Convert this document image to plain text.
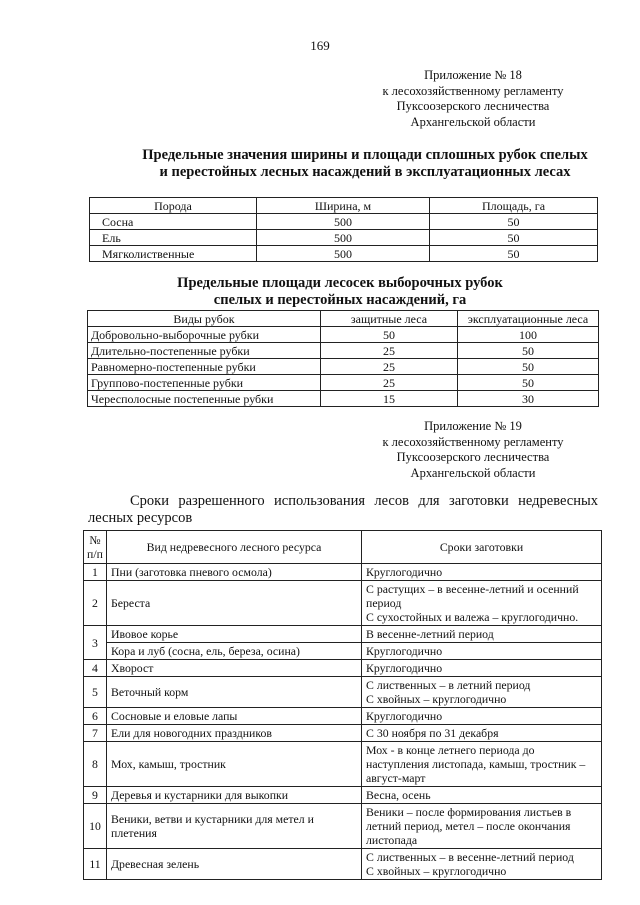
169
Приложение № 18
к лесохозяйственному регламенту
Пуксоозерского лесничества
Архангельской области
Предельные значения ширины и площади сплошных рубок спелых
и перестойных лесных насаждений в эксплуатационных лесах
Порода	Ширина, м	Площадь, га
Сосна	500	50
Ель	500	50
Мягколиственные	500	50
Предельные площади лесосек выборочных рубок
спелых и перестойных насаждений, га
Виды рубок	защитные леса	эксплуатационные леса
Добровольно-выборочные рубки	50	100
Длительно-постепенные рубки	25	50
Равномерно-постепенные рубки	25	50
Группово-постепенные рубки	25	50
Чересполосные постепенные рубки	15	30
Приложение № 19
к лесохозяйственному регламенту
Пуксоозерского лесничества
Архангельской области
Сроки разрешенного использования лесов для заготовки недревесных
лесных ресурсов
№ п/п	Вид недревесного лесного ресурса	Сроки заготовки
1	Пни (заготовка пневого осмола)	Круглогодично
2	Береста	С растущих – в весенне-летний и осенний период
С сухостойных и валежа – круглогодично.

3	Ивовое корье	В весенне-летний период
	Кора и луб (сосна, ель, береза, осина)	Круглогодично
4	Хворост	Круглогодично
5	Веточный корм	С лиственных – в летний период
С хвойных – круглогодично

6	Сосновые и еловые лапы	Круглогодично
7	Ели для новогодних праздников	С 30 ноября по 31 декабря
8	Мох, камыш, тростник	Мох - в конце летнего периода до наступления листопада, камыш, тростник – август-март
9	Деревья и кустарники для выкопки	Весна, осень
10	Веники, ветви и кустарники для метел и плетения	Веники – после формирования листьев в летний период, метел – после окончания листопада
11	Древесная зелень	С лиственных – в весенне-летний период
С хвойных – круглогодично
